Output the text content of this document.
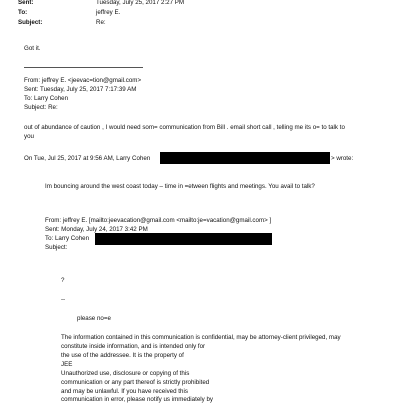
Sent:	Tuesday, July 25, 2017 2:27 PM
To:	jeffrey E.
Subject:	Re:
Got it.
From: jeffrey E. <jeevac=tion@gmail.com>
Sent: Tuesday, July 25, 2017 7:17:39 AM
To: Larry Cohen
Subject: Re:
out of abundance of caution , I would need som= communication from Bill . email short call , telling me its o= to talk to
you
On Tue, Jul 25, 2017 at 9:56 AM, Larry Cohen	> wrote:
Im bouncing around the west coast today – time in =etween flights and meetings. You avail to talk?
From: jeffrey E. [mailto:jeevacation@gmail.com <mailto:je=vacation@gmail.com> ]
Sent: Monday, July 24, 2017 3:42 PM
To: Larry Cohen
Subject:
?
--
please no=e
The information contained in this communication is confidential, may be attorney-client privileged, may
constitute inside information, and is intended only for
the use of the addressee. It is the property of
JEE
Unauthorized use, disclosure or copying of this
communication or any part thereof is strictly prohibited
and may be unlawful. If you have received this
communication in error, please notify us immediately by
